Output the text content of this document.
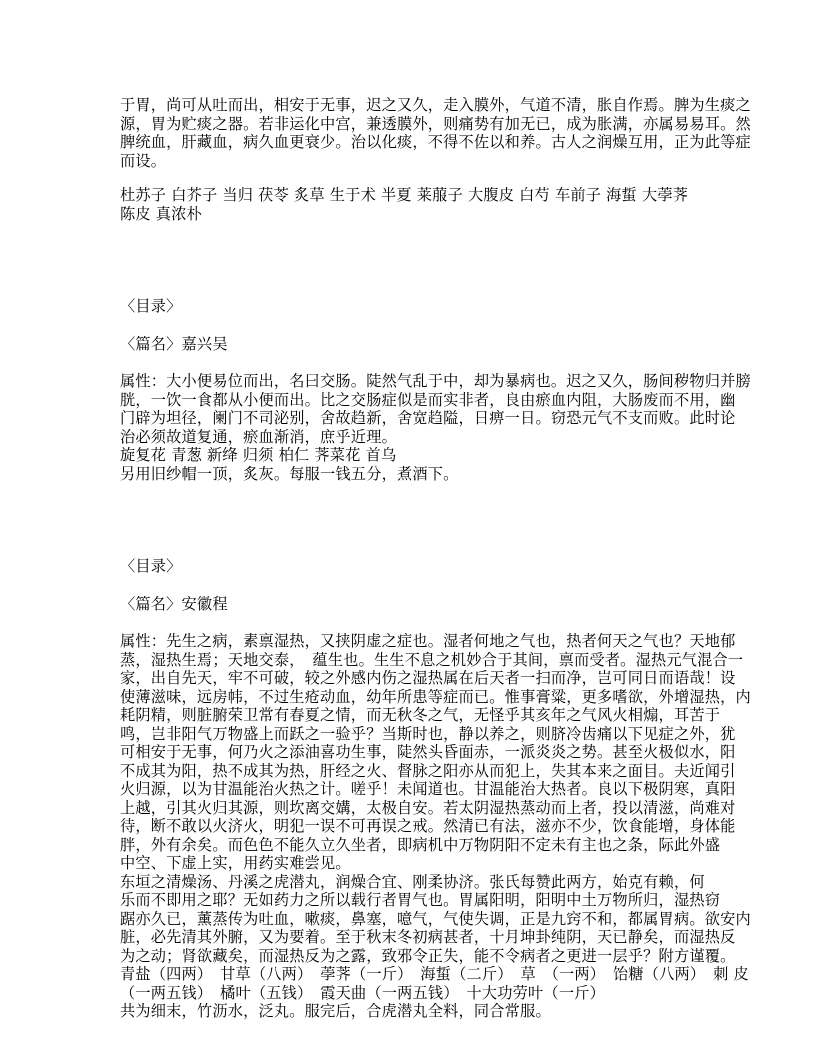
于胃，尚可从吐而出，相安于无事，迟之又久，走入膜外，气道不清，胀自作焉。脾为生痰之
源，胃为贮痰之器。若非运化中宫，兼透膜外，则痛势有加无已，成为胀满，亦属易易耳。然
脾统血，肝藏血，病久血更衰少。治以化痰，不得不佐以和养。古人之润燥互用，正为此等症
而设。

杜苏子 白芥子 当归 茯苓 炙草 生于术 半夏 莱菔子 大腹皮 白芍 车前子 海蜇 大荸荠
陈皮 真浓朴
〈目录〉
〈篇名〉嘉兴吴
属性：大小便易位而出，名曰交肠。陡然气乱于中，却为暴病也。迟之又久，肠间秽物归并膀
胱，一饮一食都从小便而出。比之交肠症似是而实非者，良由瘀血内阻，大肠废而不用，幽
门辟为坦径，阑门不司泌别，舍故趋新，舍宽趋隘，日痹一日。窃恐元气不支而败。此时论
治必须故道复通，瘀血渐消，庶乎近理。
旋复花 青葱 新绛 归须 柏仁 荠菜花 首乌
另用旧纱帽一顶，炙灰。每服一钱五分，煮酒下。
〈目录〉
〈篇名〉安徽程
属性：先生之病，素禀湿热，又挟阴虚之症也。湿者何地之气也，热者何天之气也？天地郁
蒸，湿热生焉；天地交泰，　蕴生也。生生不息之机妙合于其间，禀而受者。湿热元气混合一
家，出自先天，牢不可破，较之外感内伤之湿热属在后天者一扫而净，岂可同日而语哉！设
使薄滋味，远房帏，不过生疮动血，幼年所患等症而已。惟事膏粱，更多嗜欲，外增湿热，内
耗阴精，则脏腑荣卫常有春夏之情，而无秋冬之气，无怪乎其亥年之气风火相煽，耳苦于
鸣，岂非阳气万物盛上而跃之一验乎？当斯时也，静以养之，则脐冷齿痛以下见症之外，犹
可相安于无事，何乃火之添油喜功生事，陡然头昏面赤，一派炎炎之势。甚至火极似水，阳
不成其为阳，热不成其为热，肝经之火、督脉之阳亦从而犯上，失其本来之面目。夫近闻引
火归源，以为甘温能治火热之计。嗟乎！未闻道也。甘温能治大热者。良以下极阴寒，真阳
上越，引其火归其源，则坎离交媾，太极自安。若太阴湿热蒸动而上者，投以清滋，尚难对
待，断不敢以火济火，明犯一误不可再误之戒。然清已有法，滋亦不少，饮食能增，身体能
胖，外有余矣。而色色不能久立久坐者，即病机中万物阴阳不定未有主也之条，际此外盛
中空、下虚上实，用药实难尝见。
东垣之清燥汤、丹溪之虎潜丸，润燥合宜、刚柔协济。张氏每赞此两方，始克有赖，何
乐而不即用之耶？无如药力之所以载行者胃气也。胃属阳明，阳明中土万物所归，湿热窃
踞亦久已，薰蒸传为吐血，嗽痰，鼻塞，噫气，气使失调，正是九窍不和，都属胃病。欲安内
脏，必先清其外腑，又为要着。至于秋末冬初病甚者，十月坤卦纯阴，天已静矣，而湿热反
为之动；肾欲藏矣，而湿热反为之露，致邪令正失，能不令病者之更进一层乎？附方谨覆。
青盐（四两）　甘草（八两）　荸荠（一斤）　海蜇（二斤）　草　（一两）　饴糖（八两）　刺 皮
（一两五钱）　橘叶（五钱）　霞天曲（一两五钱）　十大功劳叶（一斤）
共为细末，竹沥水，泛丸。服完后，合虎潜丸全料，同合常服。
